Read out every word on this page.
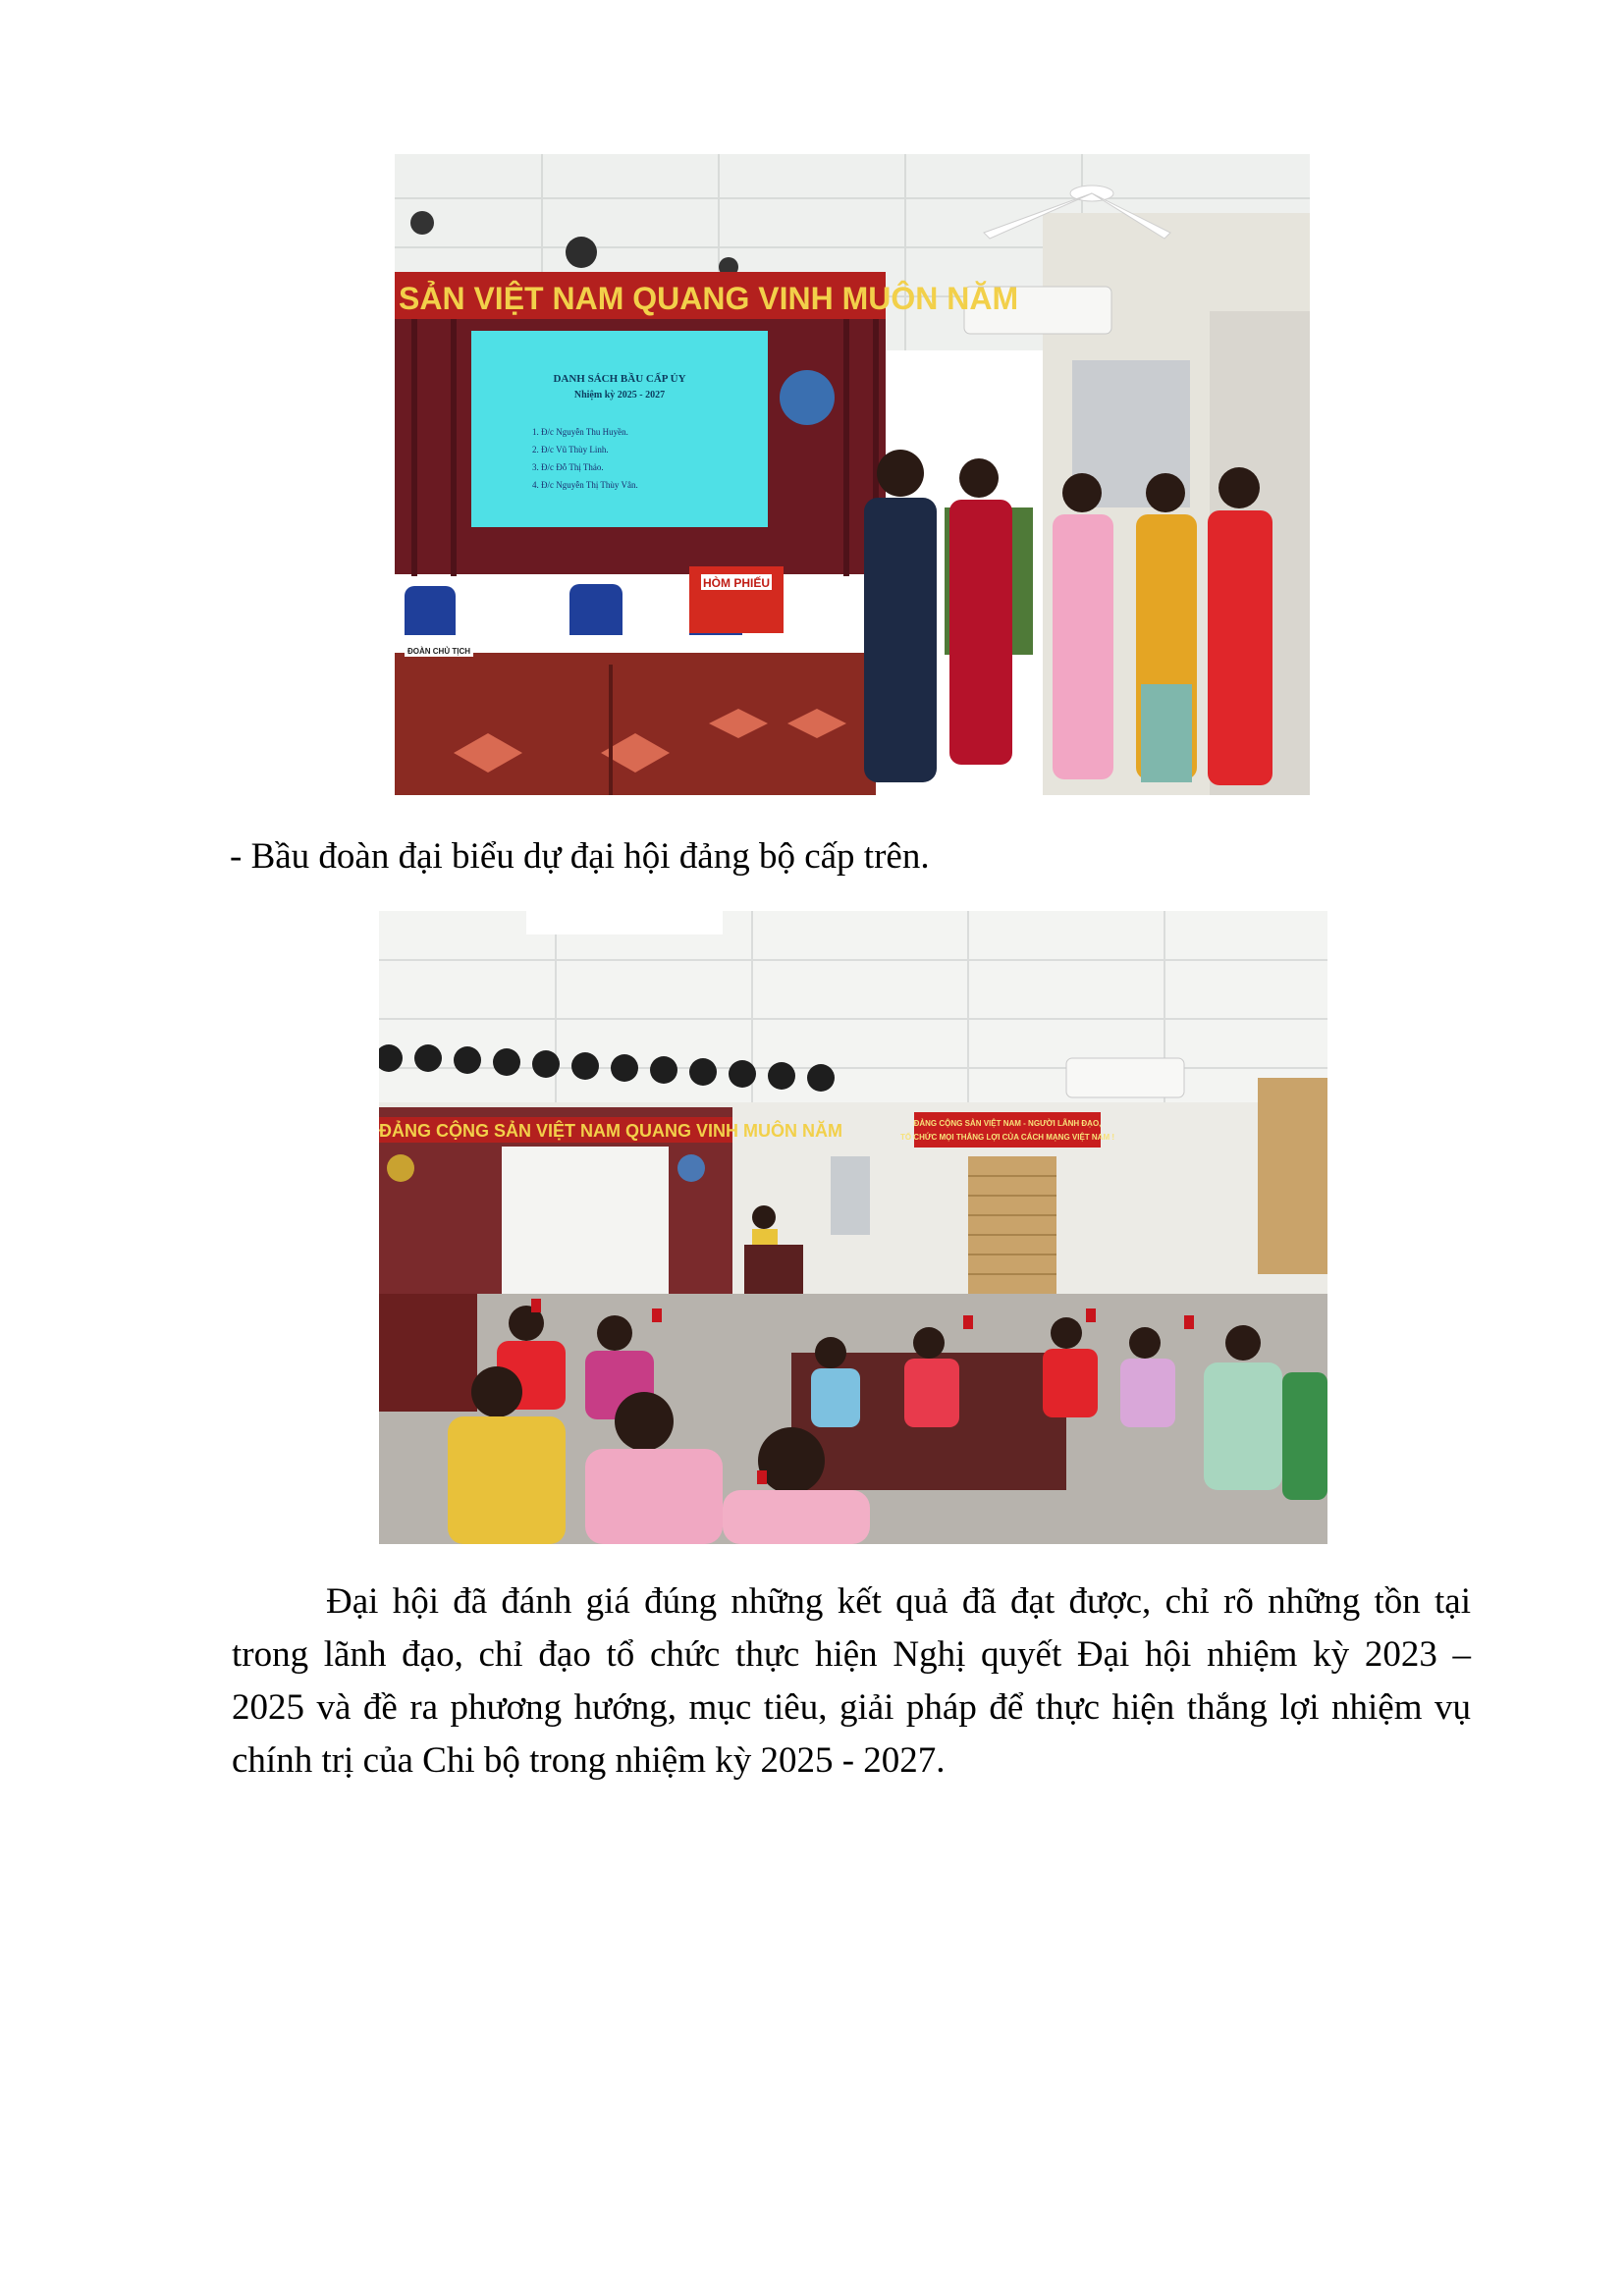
SẢN VIỆT NAM QUANG VINH MUÔN NĂM
DANH SÁCH BẦU CẤP ỦY
Nhiệm kỳ 2025 - 2027
1. Đ/c Nguyễn Thu Huyền.
2. Đ/c Vũ Thùy Linh.
3. Đ/c Đỗ Thị Thảo.
4. Đ/c Nguyễn Thị Thùy Vân.
HÒM PHIẾU
ĐOÀN CHỦ TỊCH
- Bầu đoàn đại biểu dự đại hội đảng bộ cấp trên.
ĐẢNG CỘNG SẢN VIỆT NAM QUANG VINH MUÔN NĂM	ĐẢNG CỘNG SẢN VIỆT NAM - NGƯỜI LÃNH ĐẠO,
TỔ CHỨC MỌI THẮNG LỢI CỦA CÁCH MẠNG VIỆT NAM !
Đại hội đã đánh giá đúng những kết quả đã đạt được, chỉ rõ những tồn tại
trong lãnh đạo, chỉ đạo tổ chức thực hiện Nghị quyết Đại hội nhiệm kỳ 2023 –
2025 và đề ra phương hướng, mục tiêu, giải pháp để thực hiện thắng lợi nhiệm vụ
chính trị của Chi bộ trong nhiệm kỳ 2025 - 2027.
